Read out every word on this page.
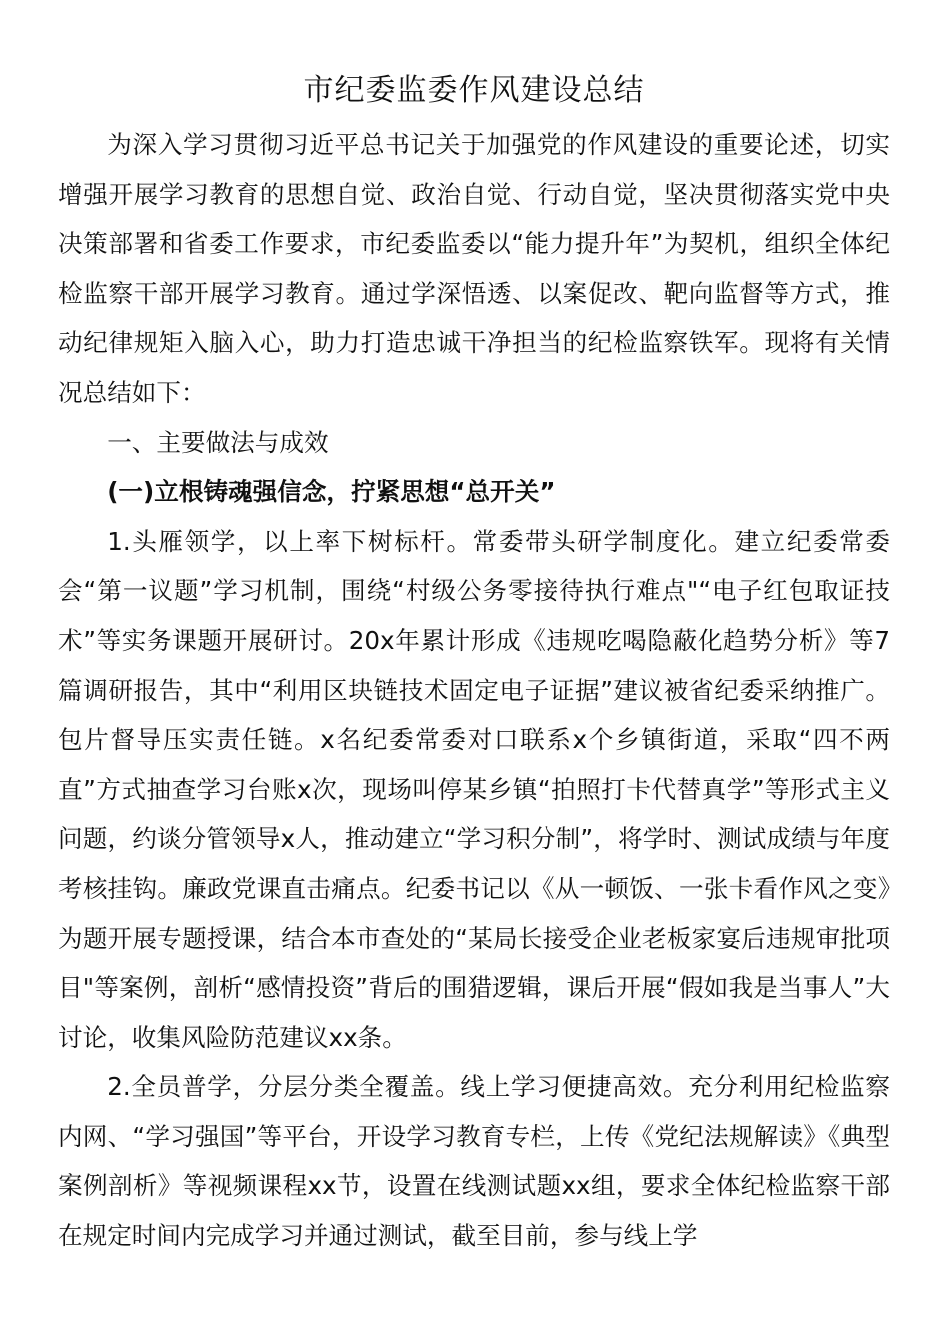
市纪委监委作风建设总结

为深入学习贯彻习近平总书记关于加强党的作风建设的重要论述，切实增强开展学习教育的思想自觉、政治自觉、行动自觉，坚决贯彻落实党中央决策部署和省委工作要求，市纪委监委以“能力提升年”为契机，组织全体纪检监察干部开展学习教育。通过学深悟透、以案促改、靶向监督等方式，推动纪律规矩入脑入心，助力打造忠诚干净担当的纪检监察铁军。现将有关情况总结如下：

一、主要做法与成效

(一)立根铸魂强信念，拧紧思想“总开关”

1.头雁领学，以上率下树标杆。常委带头研学制度化。建立纪委常委会“第一议题”学习机制，围绕“村级公务零接待执行难点"“电子红包取证技术”等实务课题开展研讨。20x年累计形成《违规吃喝隐蔽化趋势分析》等7篇调研报告，其中“利用区块链技术固定电子证据”建议被省纪委采纳推广。包片督导压实责任链。x名纪委常委对口联系x个乡镇街道，采取“四不两直”方式抽查学习台账x次，现场叫停某乡镇“拍照打卡代替真学”等形式主义问题，约谈分管领导x人，推动建立“学习积分制”，将学时、测试成绩与年度考核挂钩。廉政党课直击痛点。纪委书记以《从一顿饭、一张卡看作风之变》为题开展专题授课，结合本市查处的“某局长接受企业老板家宴后违规审批项目"等案例，剖析“感情投资”背后的围猎逻辑，课后开展“假如我是当事人”大讨论，收集风险防范建议xx条。

2.全员普学，分层分类全覆盖。线上学习便捷高效。充分利用纪检监察内网、“学习强国”等平台，开设学习教育专栏，上传《党纪法规解读》《典型案例剖析》等视频课程xx节，设置在线测试题xx组，要求全体纪检监察干部在规定时间内完成学习并通过测试，截至目前，参与线上学
